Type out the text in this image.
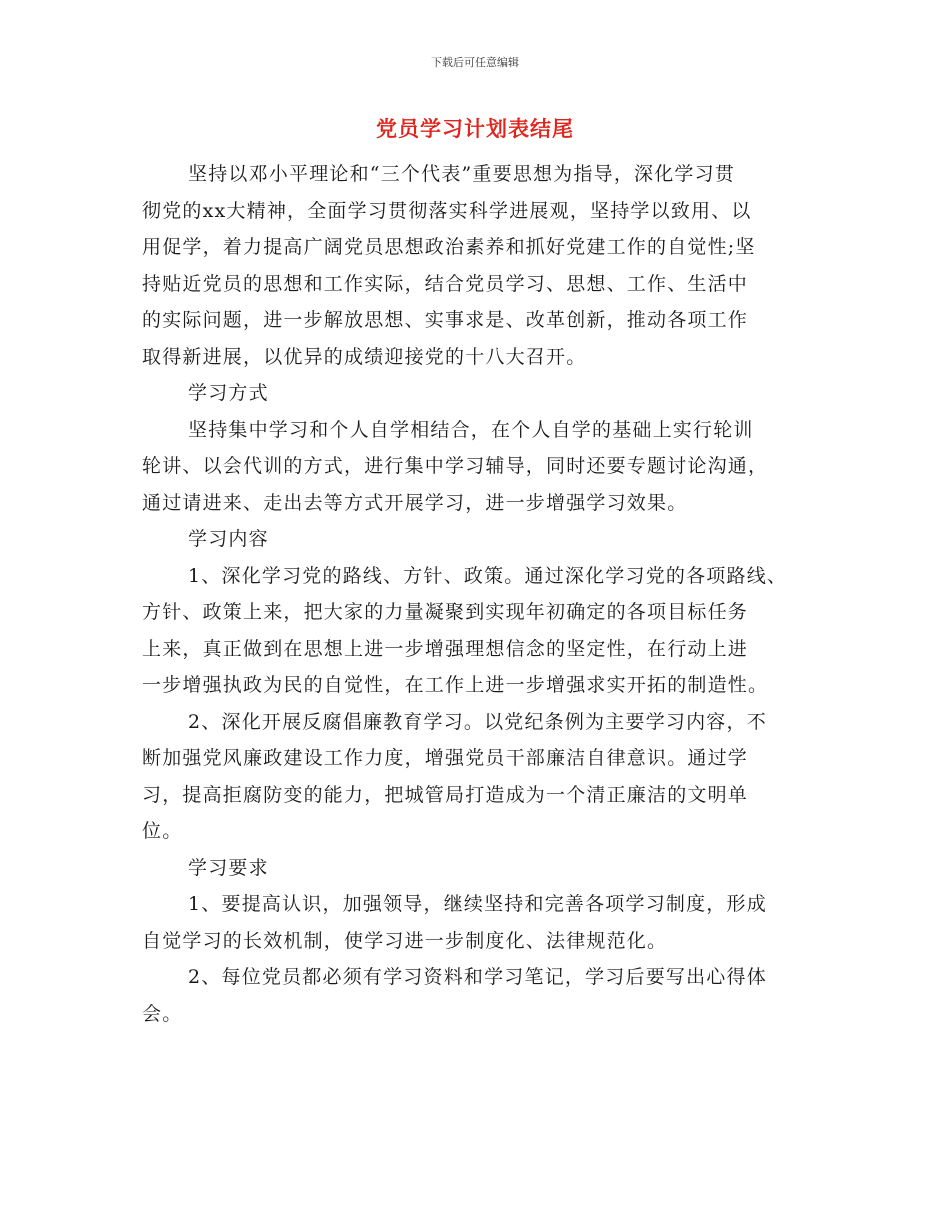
下载后可任意编辑
党员学习计划表结尾
坚持以邓小平理论和“三个代表”重要思想为指导，深化学习贯
彻党的xx大精神，全面学习贯彻落实科学进展观，坚持学以致用、以
用促学，着力提高广阔党员思想政治素养和抓好党建工作的自觉性;坚
持贴近党员的思想和工作实际，结合党员学习、思想、工作、生活中
的实际问题，进一步解放思想、实事求是、改革创新，推动各项工作
取得新进展，以优异的成绩迎接党的十八大召开。
学习方式
坚持集中学习和个人自学相结合，在个人自学的基础上实行轮训
轮讲、以会代训的方式，进行集中学习辅导，同时还要专题讨论沟通，
通过请进来、走出去等方式开展学习，进一步增强学习效果。
学习内容
1、深化学习党的路线、方针、政策。通过深化学习党的各项路线、
方针、政策上来，把大家的力量凝聚到实现年初确定的各项目标任务
上来，真正做到在思想上进一步增强理想信念的坚定性，在行动上进
一步增强执政为民的自觉性，在工作上进一步增强求实开拓的制造性。
2、深化开展反腐倡廉教育学习。以党纪条例为主要学习内容，不
断加强党风廉政建设工作力度，增强党员干部廉洁自律意识。通过学
习，提高拒腐防变的能力，把城管局打造成为一个清正廉洁的文明单
位。
学习要求
1、要提高认识，加强领导，继续坚持和完善各项学习制度，形成
自觉学习的长效机制，使学习进一步制度化、法律规范化。
2、每位党员都必须有学习资料和学习笔记，学习后要写出心得体
会。
